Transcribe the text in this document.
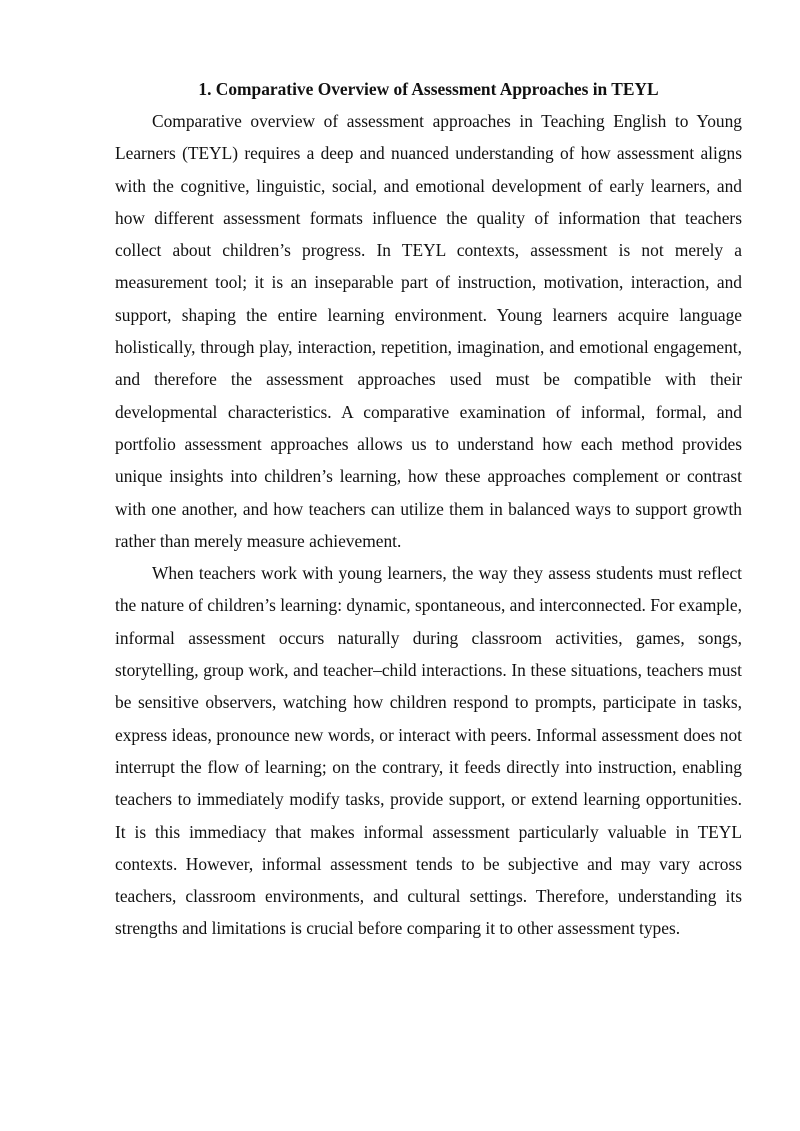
1. Comparative Overview of Assessment Approaches in TEYL

Comparative overview of assessment approaches in Teaching English to Young Learners (TEYL) requires a deep and nuanced understanding of how assessment aligns with the cognitive, linguistic, social, and emotional development of early learners, and how different assessment formats influence the quality of information that teachers collect about children’s progress. In TEYL contexts, assessment is not merely a measurement tool; it is an inseparable part of instruction, motivation, interaction, and support, shaping the entire learning environment. Young learners acquire language holistically, through play, interaction, repetition, imagination, and emotional engagement, and therefore the assessment approaches used must be compatible with their developmental characteristics. A comparative examination of informal, formal, and portfolio assessment approaches allows us to understand how each method provides unique insights into children’s learning, how these approaches complement or contrast with one another, and how teachers can utilize them in balanced ways to support growth rather than merely measure achievement.

When teachers work with young learners, the way they assess students must reflect the nature of children’s learning: dynamic, spontaneous, and interconnected. For example, informal assessment occurs naturally during classroom activities, games, songs, storytelling, group work, and teacher–child interactions. In these situations, teachers must be sensitive observers, watching how children respond to prompts, participate in tasks, express ideas, pronounce new words, or interact with peers. Informal assessment does not interrupt the flow of learning; on the contrary, it feeds directly into instruction, enabling teachers to immediately modify tasks, provide support, or extend learning opportunities. It is this immediacy that makes informal assessment particularly valuable in TEYL contexts. However, informal assessment tends to be subjective and may vary across teachers, classroom environments, and cultural settings. Therefore, understanding its strengths and limitations is crucial before comparing it to other assessment types.
